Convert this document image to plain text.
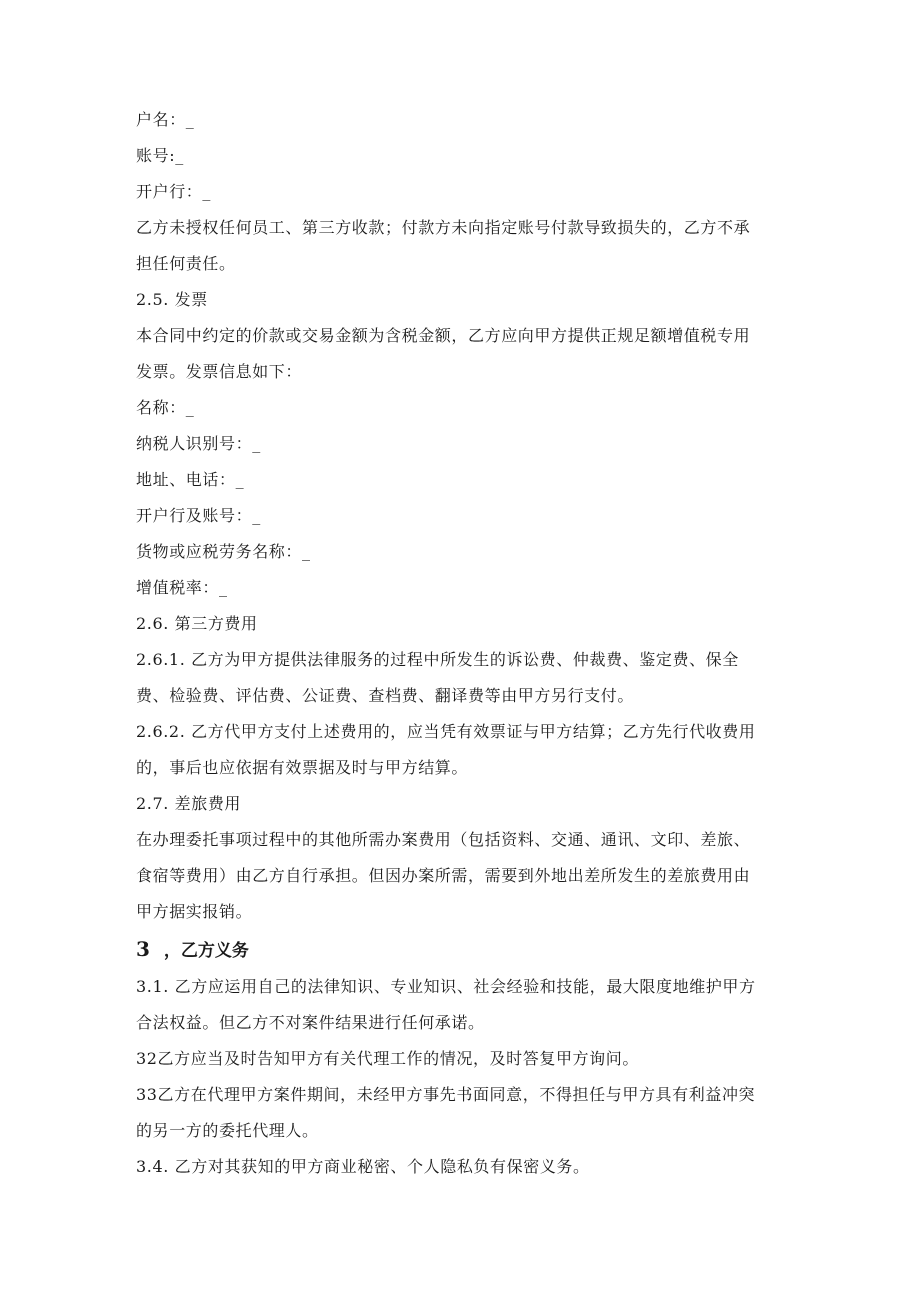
户名：_
账号:_
开户行：_
乙方未授权任何员工、第三方收款；付款方未向指定账号付款导致损失的，乙方不承
担任何责任。
2.5. 发票
本合同中约定的价款或交易金额为含税金额，乙方应向甲方提供正规足额增值税专用
发票。发票信息如下：
名称：_
纳税人识别号：_
地址、电话：_
开户行及账号：_
货物或应税劳务名称：_
增值税率：_
2.6. 第三方费用
2.6.1. 乙方为甲方提供法律服务的过程中所发生的诉讼费、仲裁费、鉴定费、保全
费、检验费、评估费、公证费、查档费、翻译费等由甲方另行支付。
2.6.2. 乙方代甲方支付上述费用的，应当凭有效票证与甲方结算；乙方先行代收费用
的，事后也应依据有效票据及时与甲方结算。
2.7. 差旅费用
在办理委托事项过程中的其他所需办案费用（包括资料、交通、通讯、文印、差旅、
食宿等费用）由乙方自行承担。但因办案所需，需要到外地出差所发生的差旅费用由
甲方据实报销。
3 ，乙方义务
3.1. 乙方应运用自己的法律知识、专业知识、社会经验和技能，最大限度地维护甲方
合法权益。但乙方不对案件结果进行任何承诺。
32乙方应当及时告知甲方有关代理工作的情况，及时答复甲方询问。
33乙方在代理甲方案件期间，未经甲方事先书面同意，不得担任与甲方具有利益冲突
的另一方的委托代理人。
3.4. 乙方对其获知的甲方商业秘密、个人隐私负有保密义务。
